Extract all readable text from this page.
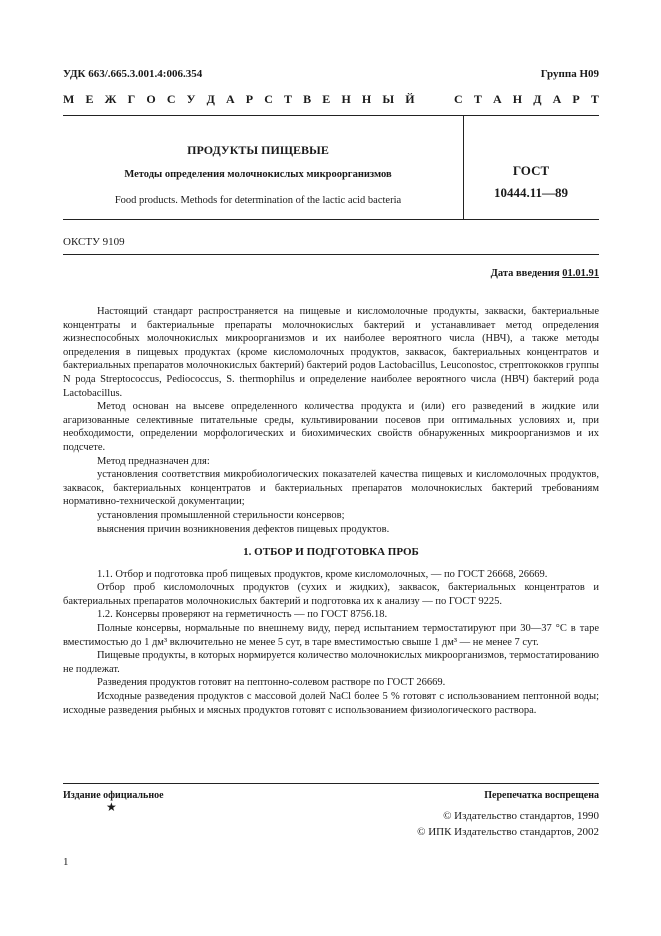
УДК 663/.665.3.001.4:006.354	Группа Н09
М Е Ж Г О С У Д А Р С Т В Е Н Н Ы Й

	С Т А Н Д А Р Т
ПРОДУКТЫ ПИЩЕВЫЕ
Методы определения молочнокислых микроорганизмов
Food products. Methods for determination of the lactic acid bacteria
ГОСТ
10444.11—89
ОКСТУ 9109
Дата введения 01.01.91

Настоящий стандарт распространяется на пищевые и кисломолочные продукты, закваски, бактериальные концентраты и бактериальные препараты молочнокислых бактерий и устанавливает метод определения жизнеспособных молочнокислых микроорганизмов и их наиболее вероятного числа (НВЧ), а также методы определения в пищевых продуктах (кроме кисломолочных продуктов, заквасок, бактериальных концентратов и бактериальных препаратов молочнокислых бактерий) бактерий родов Lactobacillus, Leuconostoc, стрептококков группы N рода Streptococcus, Pediococcus, S. thermophilus и определение наиболее вероятного числа (НВЧ) бактерий рода Lactobacillus.

Метод основан на высеве определенного количества продукта и (или) его разведений в жидкие или агаризованные селективные питательные среды, культивировании посевов при оптимальных условиях и, при необходимости, определении морфологических и биохимических свойств обнаруженных микроорганизмов и их подсчете.

Метод предназначен для:

установления соответствия микробиологических показателей качества пищевых и кисломолочных продуктов, заквасок, бактериальных концентратов и бактериальных препаратов молочнокислых бактерий требованиям нормативно-технической документации;

установления промышленной стерильности консервов;

выяснения причин возникновения дефектов пищевых продуктов.

1. ОТБОР И ПОДГОТОВКА ПРОБ

1.1. Отбор и подготовка проб пищевых продуктов, кроме кисломолочных, — по ГОСТ 26668, 26669.

Отбор проб кисломолочных продуктов (сухих и жидких), заквасок, бактериальных концентратов и бактериальных препаратов молочнокислых бактерий и подготовка их к анализу — по ГОСТ 9225.

1.2. Консервы проверяют на герметичность — по ГОСТ 8756.18.

Полные консервы, нормальные по внешнему виду, перед испытанием термостатируют при 30—37 °С в таре вместимостью до 1 дм³ включительно не менее 5 сут, в таре вместимостью свыше 1 дм³ — не менее 7 сут.

Пищевые продукты, в которых нормируется количество молочнокислых микроорганизмов, термостатированию не подлежат.

Разведения продуктов готовят на пептонно-солевом растворе по ГОСТ 26669.

Исходные разведения продуктов с массовой долей NaCl более 5 % готовят с использованием пептонной воды; исходные разведения рыбных и мясных продуктов готовят с использованием физиологического раствора.

Издание официальное	Перепечатка воспрещена
★
© Издательство стандартов, 1990
© ИПК Издательство стандартов, 2002
1
